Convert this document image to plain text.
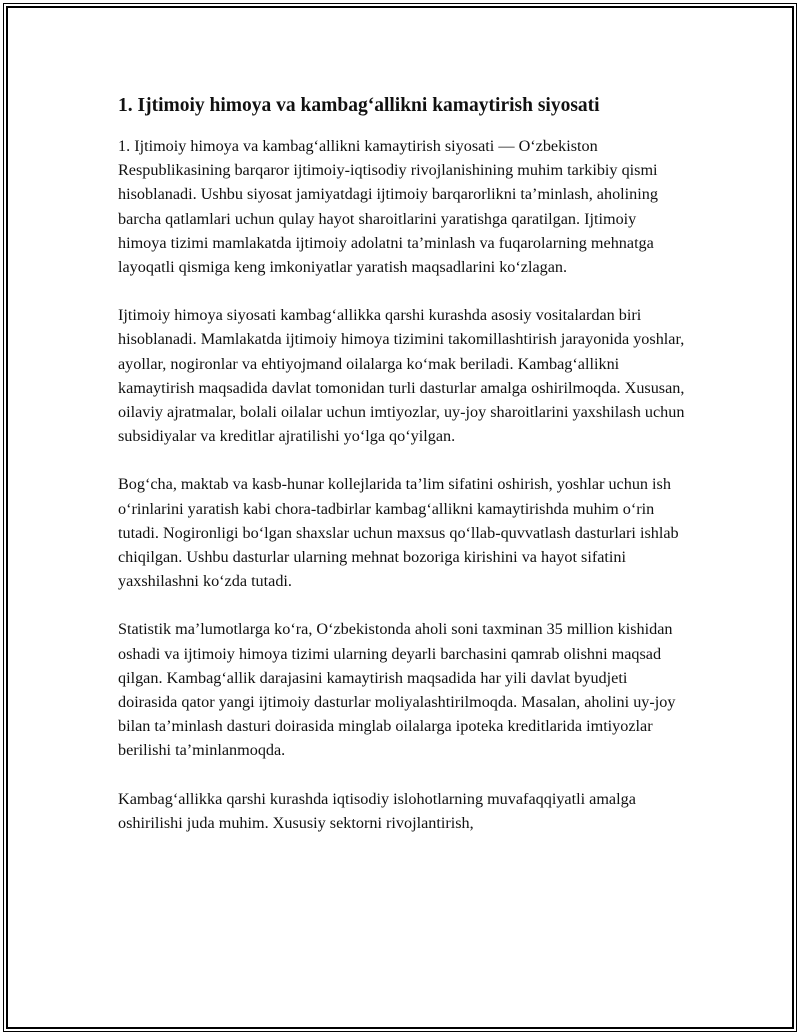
1. Ijtimoiy himoya va kambag‘allikni kamaytirish siyosati

1. Ijtimoiy himoya va kambag‘allikni kamaytirish siyosati — O‘zbekiston Respublikasining barqaror ijtimoiy-iqtisodiy rivojlanishining muhim tarkibiy qismi hisoblanadi. Ushbu siyosat jamiyatdagi ijtimoiy barqarorlikni ta’minlash, aholining barcha qatlamlari uchun qulay hayot sharoitlarini yaratishga qaratilgan. Ijtimoiy himoya tizimi mamlakatda ijtimoiy adolatni ta’minlash va fuqarolarning mehnatga layoqatli qismiga keng imkoniyatlar yaratish maqsadlarini ko‘zlagan.

Ijtimoiy himoya siyosati kambag‘allikka qarshi kurashda asosiy vositalardan biri hisoblanadi. Mamlakatda ijtimoiy himoya tizimini takomillashtirish jarayonida yoshlar, ayollar, nogironlar va ehtiyojmand oilalarga ko‘mak beriladi. Kambag‘allikni kamaytirish maqsadida davlat tomonidan turli dasturlar amalga oshirilmoqda. Xususan, oilaviy ajratmalar, bolali oilalar uchun imtiyozlar, uy-joy sharoitlarini yaxshilash uchun subsidiyalar va kreditlar ajratilishi yo‘lga qo‘yilgan.

Bog‘cha, maktab va kasb-hunar kollejlarida ta’lim sifatini oshirish, yoshlar uchun ish o‘rinlarini yaratish kabi chora-tadbirlar kambag‘allikni kamaytirishda muhim o‘rin tutadi. Nogironligi bo‘lgan shaxslar uchun maxsus qo‘llab-quvvatlash dasturlari ishlab chiqilgan. Ushbu dasturlar ularning mehnat bozoriga kirishini va hayot sifatini yaxshilashni ko‘zda tutadi.

Statistik ma’lumotlarga ko‘ra, O‘zbekistonda aholi soni taxminan 35 million kishidan oshadi va ijtimoiy himoya tizimi ularning deyarli barchasini qamrab olishni maqsad qilgan. Kambag‘allik darajasini kamaytirish maqsadida har yili davlat byudjeti doirasida qator yangi ijtimoiy dasturlar moliyalashtirilmoqda. Masalan, aholini uy-joy bilan ta’minlash dasturi doirasida minglab oilalarga ipoteka kreditlarida imtiyozlar berilishi ta’minlanmoqda.

Kambag‘allikka qarshi kurashda iqtisodiy islohotlarning muvafaqqiyatli amalga oshirilishi juda muhim. Xususiy sektorni rivojlantirish,
